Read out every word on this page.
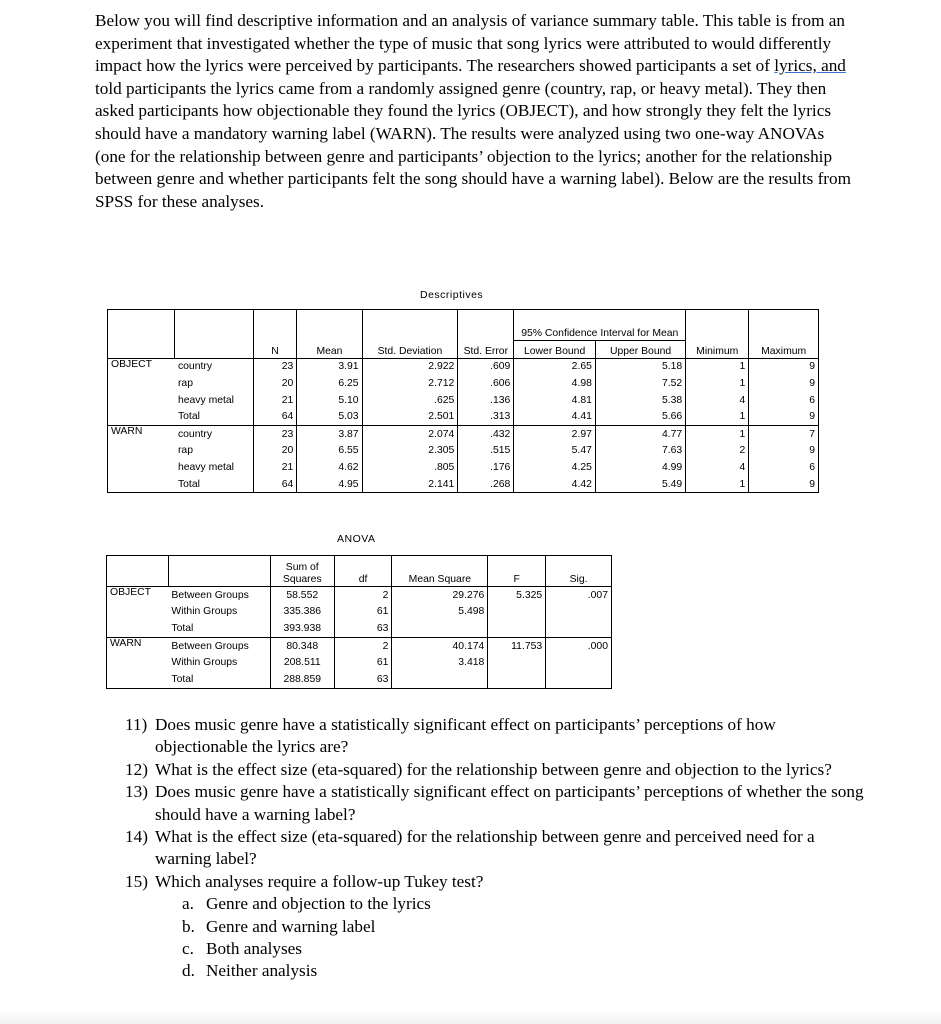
Below you will find descriptive information and an analysis of variance summary table. This table is from an experiment that investigated whether the type of music that song lyrics were attributed to would differently impact how the lyrics were perceived by participants. The researchers showed participants a set of lyrics, and told participants the lyrics came from a randomly assigned genre (country, rap, or heavy metal). They then asked participants how objectionable they found the lyrics (OBJECT), and how strongly they felt the lyrics should have a mandatory warning label (WARN). The results were analyzed using two one-way ANOVAs (one for the relationship between genre and participants’ objection to the lyrics; another for the relationship between genre and whether participants felt the song should have a warning label). Below are the results from SPSS for these analyses.

Descriptives
		N	Mean	Std. Deviation	Std. Error	95% Confidence Interval for Mean		Minimum	Maximum
						Lower Bound	Upper Bound		
OBJECT	country	23	3.91	2.922	.609	2.65	5.18	1	9
	rap	20	6.25	2.712	.606	4.98	7.52	1	9
	heavy metal	21	5.10	.625	.136	4.81	5.38	4	6
	Total	64	5.03	2.501	.313	4.41	5.66	1	9
WARN	country	23	3.87	2.074	.432	2.97	4.77	1	7
	rap	20	6.55	2.305	.515	5.47	7.63	2	9
	heavy metal	21	4.62	.805	.176	4.25	4.99	4	6
	Total	64	4.95	2.141	.268	4.42	5.49	1	9
ANOVA
		Sum of Squares	df	Mean Square	F	Sig.
OBJECT	Between Groups	58.552	2	29.276	5.325	.007
	Within Groups	335.386	61	5.498		
	Total	393.938	63			
WARN	Between Groups	80.348	2	40.174	11.753	.000
	Within Groups	208.511	61	3.418		
	Total	288.859	63			
11) Does music genre have a statistically significant effect on participants’ perceptions of how objectionable the lyrics are?
12) What is the effect size (eta-squared) for the relationship between genre and objection to the lyrics?
13) Does music genre have a statistically significant effect on participants’ perceptions of whether the song should have a warning label?
14) What is the effect size (eta-squared) for the relationship between genre and perceived need for a warning label?
15) Which analyses require a follow-up Tukey test?
a. Genre and objection to the lyrics
b. Genre and warning label
c. Both analyses
d. Neither analysis
